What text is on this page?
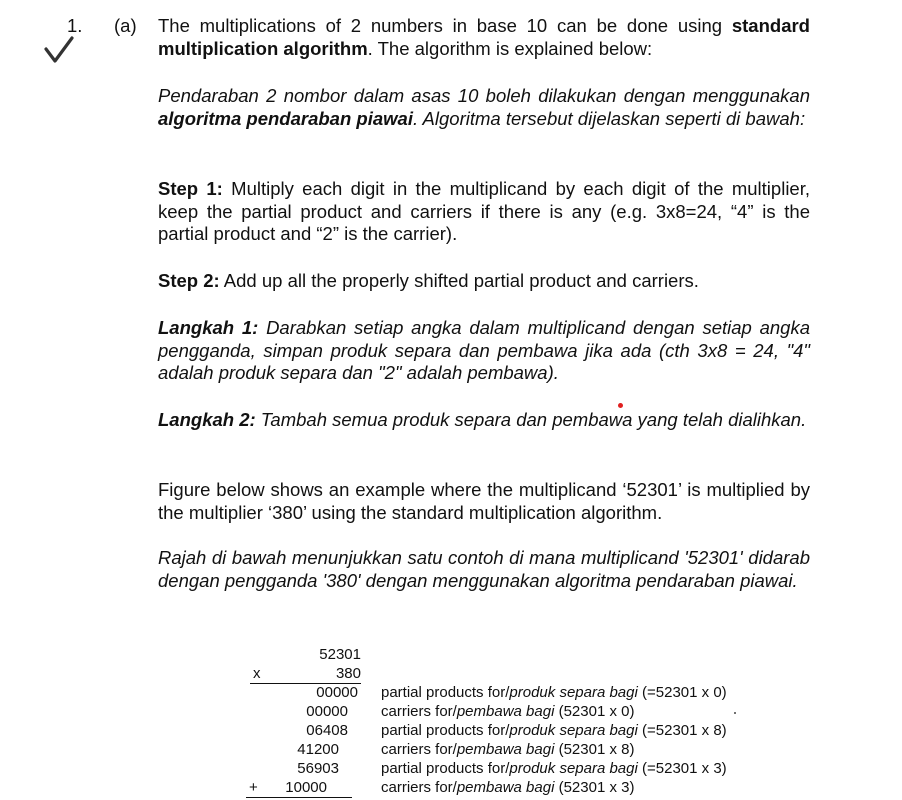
1. (a) The multiplications of 2 numbers in base 10 can be done using standard multiplication algorithm. The algorithm is explained below:
Pendaraban 2 nombor dalam asas 10 boleh dilakukan dengan menggunakan algoritma pendaraban piawai. Algoritma tersebut dijelaskan seperti di bawah:
Step 1: Multiply each digit in the multiplicand by each digit of the multiplier, keep the partial product and carriers if there is any (e.g. 3x8=24, “4” is the partial product and “2” is the carrier).
Step 2: Add up all the properly shifted partial product and carriers.
Langkah 1: Darabkan setiap angka dalam multiplicand dengan setiap angka pengganda, simpan produk separa dan pembawa jika ada (cth 3x8 = 24, "4" adalah produk separa dan "2" adalah pembawa).
Langkah 2: Tambah semua produk separa dan pembawa yang telah dialihkan.
Figure below shows an example where the multiplicand ‘52301’ is multiplied by the multiplier ‘380’ using the standard multiplication algorithm.
Rajah di bawah menunjukkan satu contoh di mana multiplicand '52301' didarab dengan pengganda '380' dengan menggunakan algoritma pendaraban piawai.
52301
x	380
00000 partial products for/produk separa bagi (=52301 x 0)
00000 carriers for/pembawa bagi (52301 x 0)
06408 partial products for/produk separa bagi (=52301 x 8)
41200	carriers for/pembawa bagi (52301 x 8)
56903	partial products for/produk separa bagi (=52301 x 3)
+	10000	carriers for/pembawa bagi (52301 x 3)
